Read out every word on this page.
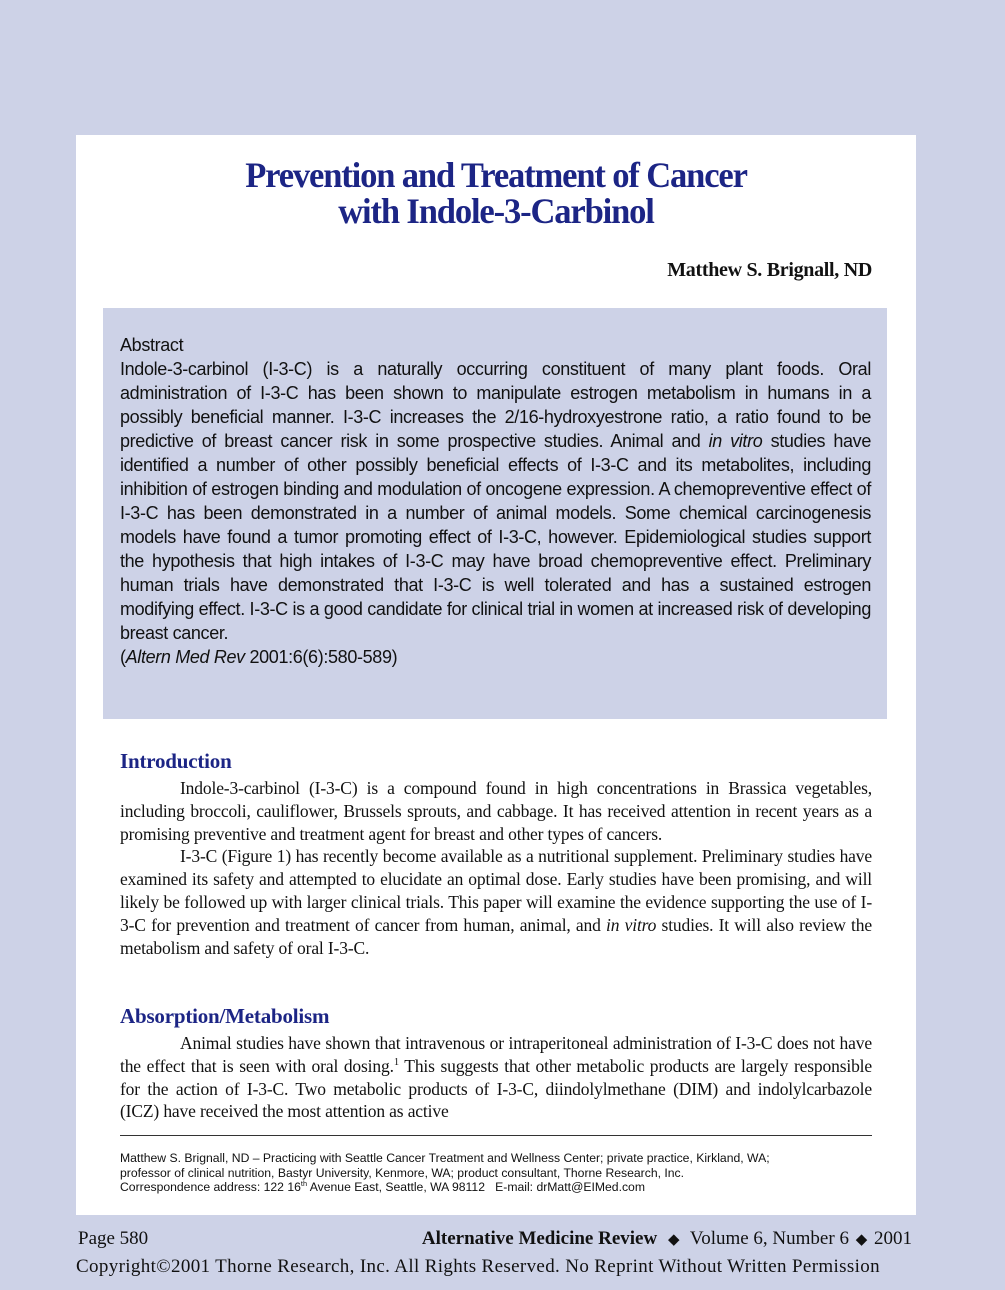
Prevention and Treatment of Cancer
with Indole-3-Carbinol
Matthew S. Brignall, ND

Abstract

Indole-3-carbinol (I-3-C) is a naturally occurring constituent of many plant foods. Oral administration of I-3-C has been shown to manipulate estrogen metabolism in humans in a possibly beneficial manner. I-3-C increases the 2/16-hydroxyestrone ratio, a ratio found to be predictive of breast cancer risk in some prospective studies. Animal and in vitro studies have identified a number of other possibly beneficial effects of I-3-C and its metabolites, including inhibition of estrogen binding and modulation of oncogene expression. A chemopreventive effect of I-3-C has been demonstrated in a number of animal models. Some chemical carcinogenesis models have found a tumor promoting effect of I-3-C, however. Epidemiological studies support the hypothesis that high intakes of I-3-C may have broad chemopreventive effect. Preliminary human trials have demonstrated that I-3-C is well tolerated and has a sustained estrogen modifying effect. I-3-C is a good candidate for clinical trial in women at increased risk of developing breast cancer.

(Altern Med Rev 2001:6(6):580-589)

Introduction

Indole-3-carbinol (I-3-C) is a compound found in high concentrations in Brassica vegetables, including broccoli, cauliflower, Brussels sprouts, and cabbage. It has received attention in recent years as a promising preventive and treatment agent for breast and other types of cancers.

I-3-C (Figure 1) has recently become available as a nutritional supplement. Preliminary studies have examined its safety and attempted to elucidate an optimal dose. Early studies have been promising, and will likely be followed up with larger clinical trials. This paper will examine the evidence supporting the use of I-3-C for prevention and treatment of cancer from human, animal, and in vitro studies. It will also review the metabolism and safety of oral I-3-C.

Absorption/Metabolism

Animal studies have shown that intravenous or intraperitoneal administration of I-3-C does not have the effect that is seen with oral dosing.$^1$ This suggests that other metabolic products are largely responsible for the action of I-3-C. Two metabolic products of I-3-C, diindolylmethane (DIM) and indolylcarbazole (ICZ) have received the most attention as active

Matthew S. Brignall, ND – Practicing with Seattle Cancer Treatment and Wellness Center; private practice, Kirkland, WA;
professor of clinical nutrition, Bastyr University, Kenmore, WA; product consultant, Thorne Research, Inc.
Correspondence address: 122 16th Avenue East, Seattle, WA 98112   E-mail: drMatt@EIMed.com
Page 580	Alternative Medicine Review ◆ Volume 6, Number 6 ◆ 2001
Copyright©2001 Thorne Research, Inc. All Rights Reserved. No Reprint Without Written Permission
